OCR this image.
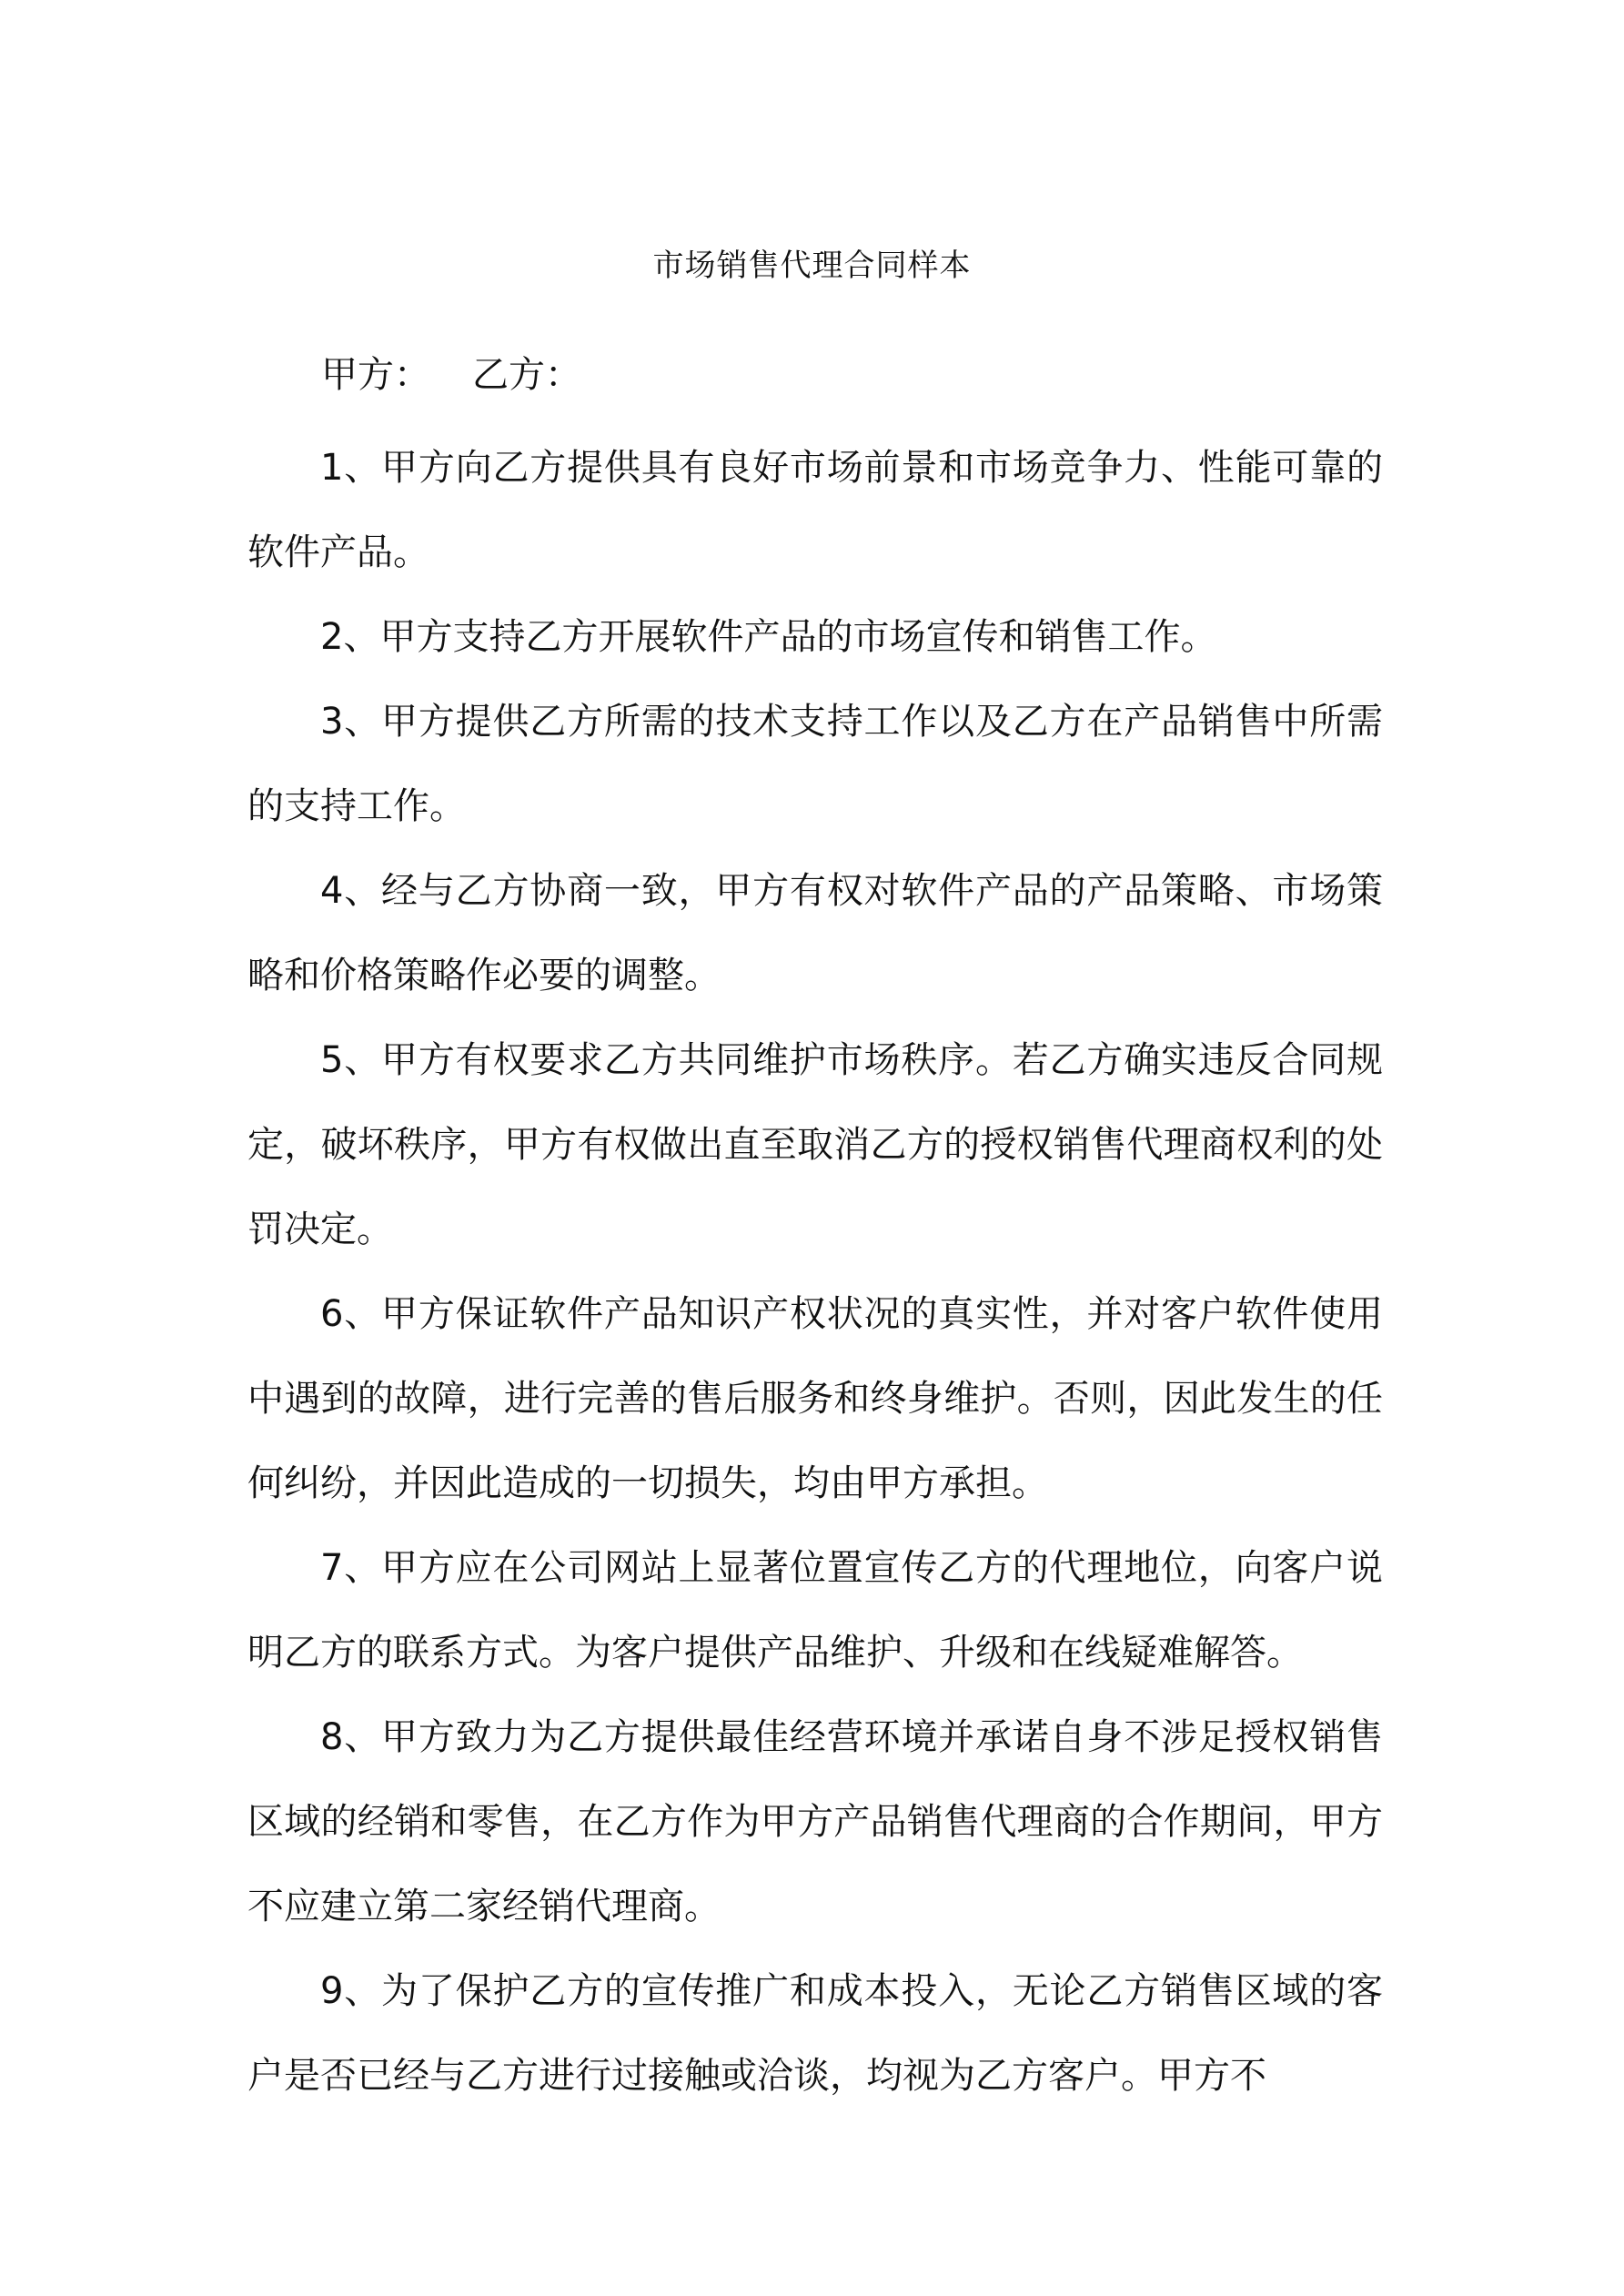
市场销售代理合同样本

甲方： 乙方：

1、甲方向乙方提供具有良好市场前景和市场竞争力、性能可靠的软件产品。

2、甲方支持乙方开展软件产品的市场宣传和销售工作。

3、甲方提供乙方所需的技术支持工作以及乙方在产品销售中所需的支持工作。

4、经与乙方协商一致，甲方有权对软件产品的产品策略、市场策略和价格策略作必要的调整。

5、甲方有权要求乙方共同维护市场秩序。若乙方确实违反合同规定，破坏秩序，甲方有权做出直至取消乙方的授权销售代理商权利的处罚决定。

6、甲方保证软件产品知识产权状况的真实性，并对客户软件使用中遇到的故障，进行完善的售后服务和终身维护。否则，因此发生的任何纠纷，并因此造成的一切损失，均由甲方承担。

7、甲方应在公司网站上显著位置宣传乙方的代理地位，向客户说明乙方的联系方式。为客户提供产品维护、升级和在线疑难解答。

8、甲方致力为乙方提供最佳经营环境并承诺自身不涉足授权销售区域的经销和零售，在乙方作为甲方产品销售代理商的合作期间，甲方不应建立第二家经销代理商。

9、为了保护乙方的宣传推广和成本投入，无论乙方销售区域的客户是否已经与乙方进行过接触或洽谈，均视为乙方客户。甲方不
